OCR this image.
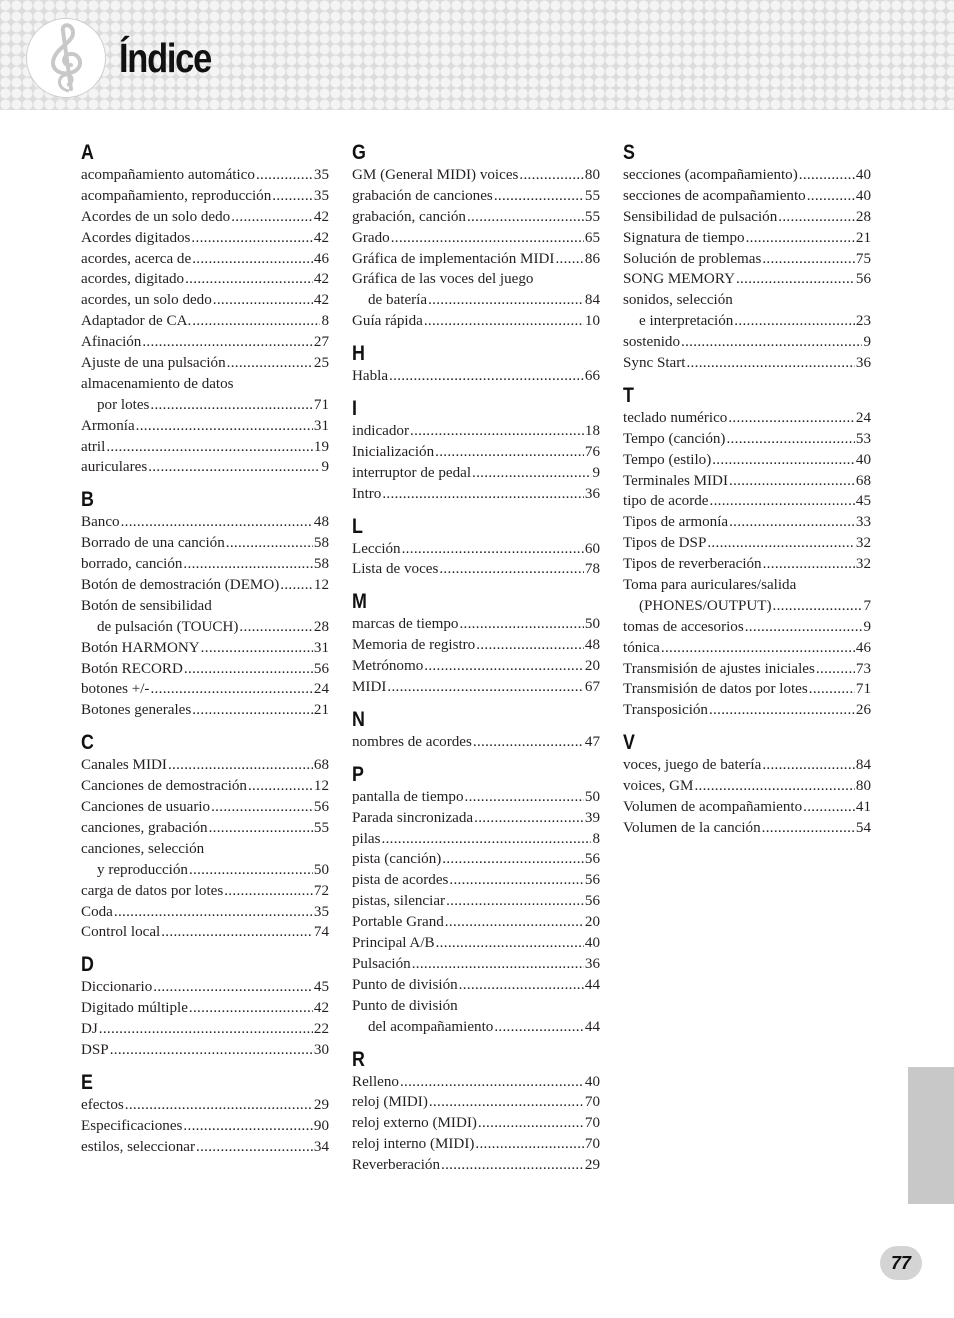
Índice
A
acompañamiento automático .....	35
acompañamiento, reproducción .....	35
Acordes de un solo dedo .....	42
Acordes digitados .....	42
acordes, acerca de .....	46
acordes, digitado .....	42
acordes, un solo dedo .....	42
Adaptador de CA. .....	8
Afinación .....	27
Ajuste de una pulsación .....	25
almacenamiento de datos
por lotes .....	71
Armonía .....	31
atril .....	19
auriculares .....	9
B
Banco .....	48
Borrado de una canción .....	58
borrado, canción .....	58
Botón de demostración (DEMO) ..... 12
Botón de sensibilidad
de pulsación (TOUCH) .....	28
Botón HARMONY .....	31
Botón RECORD .....	56
botones +/- .....	24
Botones generales .....	21
C
Canales MIDI .....	68
Canciones de demostración .....	12
Canciones de usuario .....	56
canciones, grabación .....	55
canciones, selección
y reproducción .....	50
carga de datos por lotes .....	72
Coda .....	35
Control local .....	74
D
Diccionario .....	45
Digitado múltiple .....	42
DJ .....	22
DSP .....	30
E
efectos .....	29
Especificaciones .....	90
estilos, seleccionar .....	34
G
GM (General MIDI) voices .....	80
grabación de canciones .....	55
grabación, canción .....	55
Grado .....	65
Gráfica de implementación MIDI ..... 86
Gráfica de las voces del juego
de batería .....	84
Guía rápida .....	10
H
Habla .....	66
I
indicador .....	18
Inicialización .....	76
interruptor de pedal .....	9
Intro .....	36
L
Lección .....	60
Lista de voces .....	78
M
marcas de tiempo .....	50
Memoria de registro .....	48
Metrónomo .....	20
MIDI .....	67
N
nombres de acordes .....	47
P
pantalla de tiempo .....	50
Parada sincronizada .....	39
pilas .....	8
pista (canción) .....	56
pista de acordes .....	56
pistas, silenciar .....	56
Portable Grand .....	20
Principal A/B .....	40
Pulsación .....	36
Punto de división .....	44
Punto de división
del acompañamiento .....	44
R
Relleno .....	40
reloj (MIDI) .....	70
reloj externo (MIDI) .....	70
reloj interno (MIDI) .....	70
Reverberación .....	29
S
secciones (acompañamiento) .....	40
secciones de acompañamiento .....	40
Sensibilidad de pulsación .....	28
Signatura de tiempo .....	21
Solución de problemas .....	75
SONG MEMORY .....	56
sonidos, selección
e interpretación .....	23
sostenido .....	9
Sync Start .....	36
T
teclado numérico .....	24
Tempo (canción) .....	53
Tempo (estilo) .....	40
Terminales MIDI .....	68
tipo de acorde .....	45
Tipos de armonía .....	33
Tipos de DSP .....	32
Tipos de reverberación .....	32
Toma para auriculares/salida
(PHONES/OUTPUT) .....	7
tomas de accesorios .....	9
tónica .....	46
Transmisión de ajustes iniciales .....	73
Transmisión de datos por lotes .....	71
Transposición .....	26
V
voces, juego de batería .....	84
voices, GM .....	80
Volumen de acompañamiento .....	41
Volumen de la canción .....	54
77
